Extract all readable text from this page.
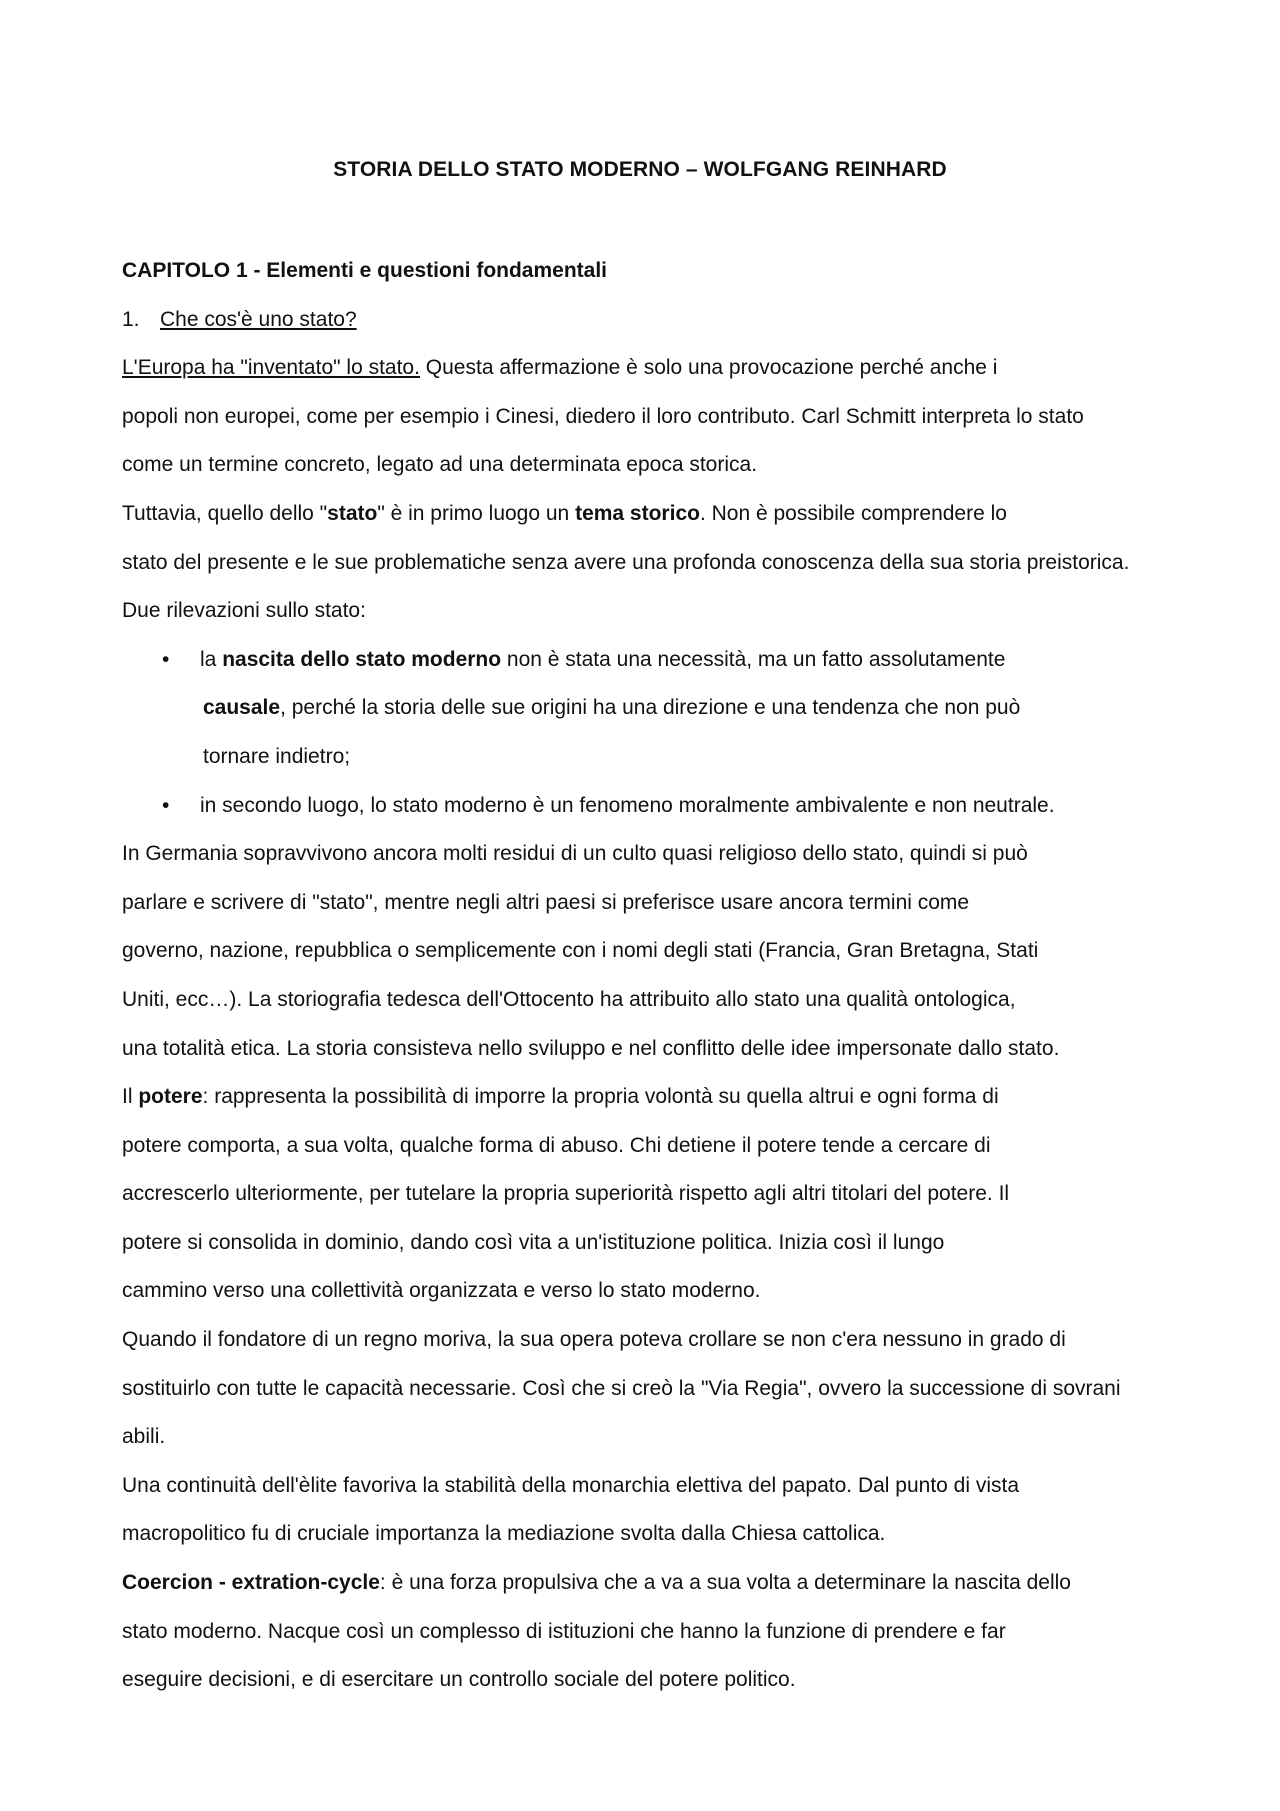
STORIA DELLO STATO MODERNO – WOLFGANG REINHARD
CAPITOLO 1 - Elementi e questioni fondamentali
1. Che cos'è uno stato?
L'Europa ha "inventato" lo stato. Questa affermazione è solo una provocazione perché anche i
popoli non europei, come per esempio i Cinesi, diedero il loro contributo. Carl Schmitt interpreta lo stato
come un termine concreto, legato ad una determinata epoca storica.
Tuttavia, quello dello "stato" è in primo luogo un tema storico. Non è possibile comprendere lo
stato del presente e le sue problematiche senza avere una profonda conoscenza della sua storia preistorica.
Due rilevazioni sullo stato:
• la nascita dello stato moderno non è stata una necessità, ma un fatto assolutamente
causale, perché la storia delle sue origini ha una direzione e una tendenza che non può
tornare indietro;
• in secondo luogo, lo stato moderno è un fenomeno moralmente ambivalente e non neutrale.
In Germania sopravvivono ancora molti residui di un culto quasi religioso dello stato, quindi si può
parlare e scrivere di "stato", mentre negli altri paesi si preferisce usare ancora termini come
governo, nazione, repubblica o semplicemente con i nomi degli stati (Francia, Gran Bretagna, Stati
Uniti, ecc…). La storiografia tedesca dell'Ottocento ha attribuito allo stato una qualità ontologica,
una totalità etica. La storia consisteva nello sviluppo e nel conflitto delle idee impersonate dallo stato.
Il potere: rappresenta la possibilità di imporre la propria volontà su quella altrui e ogni forma di
potere comporta, a sua volta, qualche forma di abuso. Chi detiene il potere tende a cercare di
accrescerlo ulteriormente, per tutelare la propria superiorità rispetto agli altri titolari del potere. Il
potere si consolida in dominio, dando così vita a un'istituzione politica. Inizia così il lungo
cammino verso una collettività organizzata e verso lo stato moderno.
Quando il fondatore di un regno moriva, la sua opera poteva crollare se non c'era nessuno in grado di
sostituirlo con tutte le capacità necessarie. Così che si creò la "Via Regia", ovvero la successione di sovrani
abili.
Una continuità dell'èlite favoriva la stabilità della monarchia elettiva del papato. Dal punto di vista
macropolitico fu di cruciale importanza la mediazione svolta dalla Chiesa cattolica.
Coercion - extration-cycle: è una forza propulsiva che a va a sua volta a determinare la nascita dello
stato moderno. Nacque così un complesso di istituzioni che hanno la funzione di prendere e far
eseguire decisioni, e di esercitare un controllo sociale del potere politico.
